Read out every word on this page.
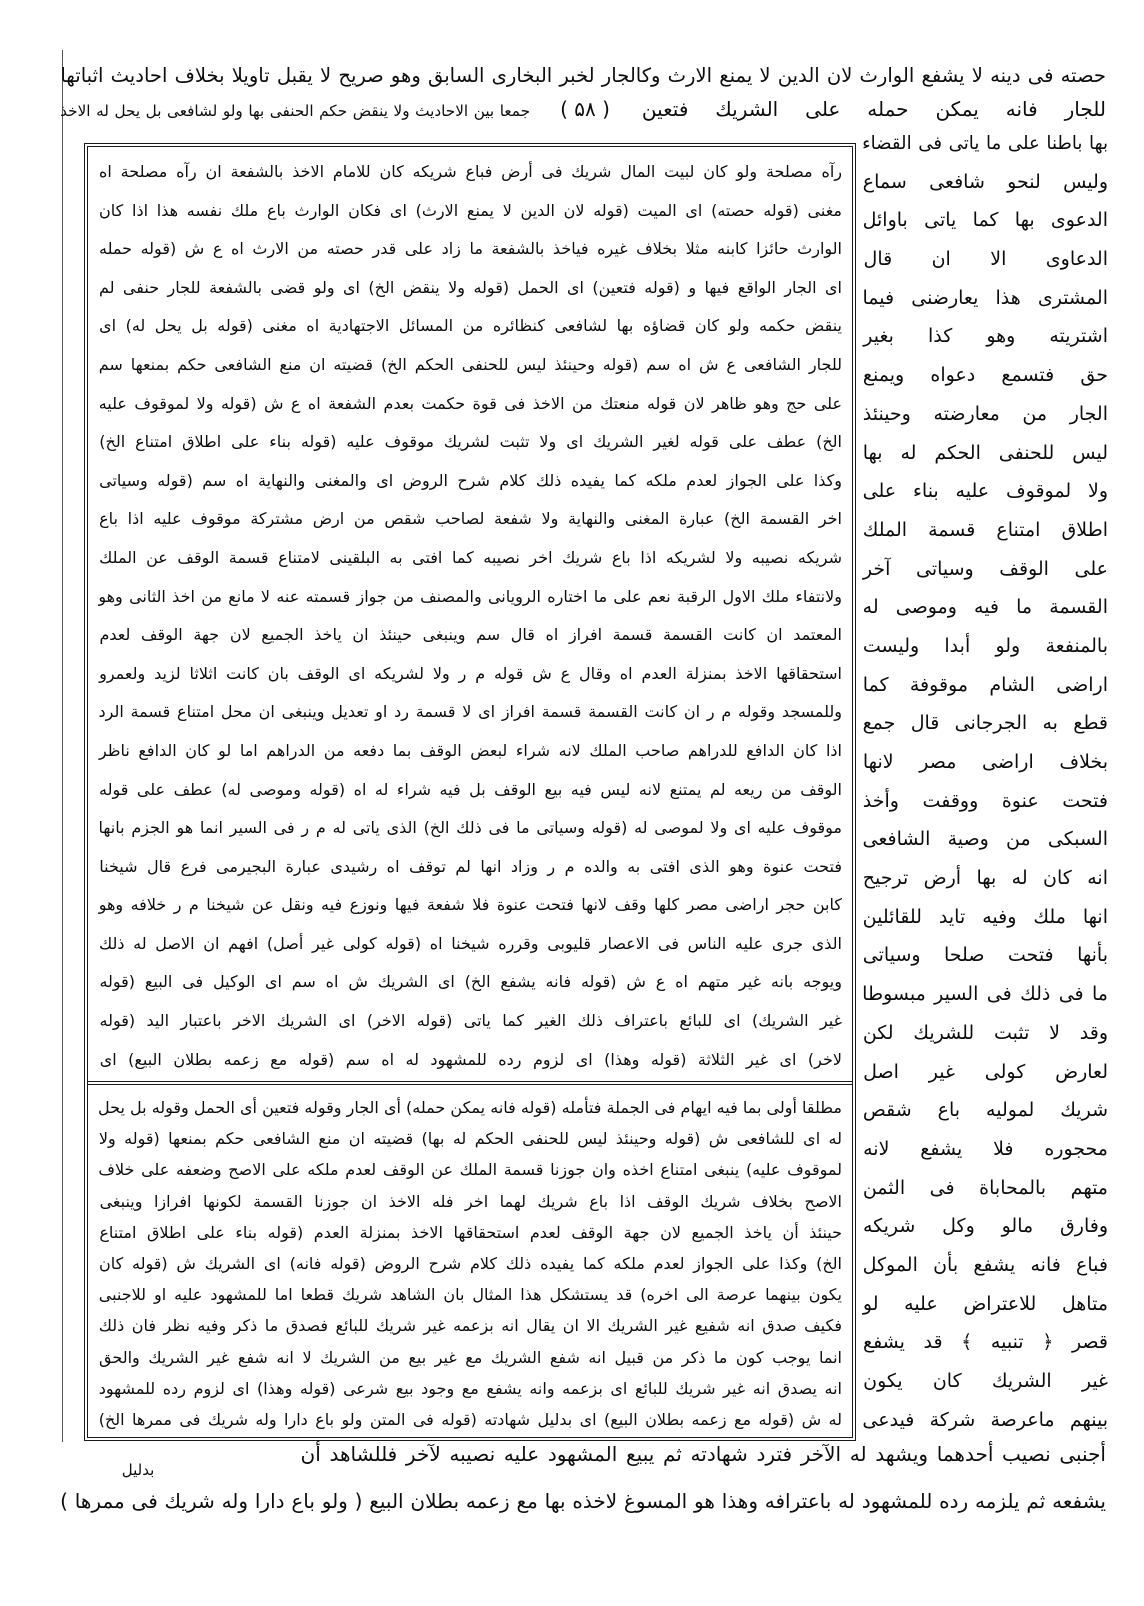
حصته فى دينه لا يشفع الوارث لان الدين لا يمنع الارث وكالجار لخبر البخارى السابق وهو صريح لا يقبل تاويلا بخلاف احاديث اثباتها
للجار فانه يمكن حمله على الشريك فتعين
( ۵۸ )
جمعا بين الاحاديث ولا ينقض حكم الحنفى بها ولو لشافعى بل يحل له الاخذ
بها باطنا على ما ياتى فى القضاء
وليس لنحو شافعى سماع
الدعوى بها كما ياتى باوائل
الدعاوى الا ان قال
المشترى هذا يعارضنى فيما
اشتريته وهو كذا بغير
حق فتسمع دعواه ويمنع
الجار من معارضته وحينئذ
ليس للحنفى الحكم له بها
ولا لموقوف عليه بناء على
اطلاق امتناع قسمة الملك
على الوقف وسياتى آخر
القسمة ما فيه وموصى له
بالمنفعة ولو أبدا وليست
اراضى الشام موقوفة كما
قطع به الجرجانى قال جمع
بخلاف اراضى مصر لانها
فتحت عنوة ووقفت وأخذ
السبكى من وصية الشافعى
انه كان له بها أرض ترجيح
انها ملك وفيه تايد للقائلين
بأنها فتحت صلحا وسياتى
ما فى ذلك فى السير مبسوطا
وقد لا تثبت للشريك لكن
لعارض كولى غير اصل
شريك لموليه باع شقص
محجوره فلا يشفع لانه
متهم بالمحاباة فى الثمن
وفارق مالو وكل شريكه
فباع فانه يشفع بأن الموكل
متاهل للاعتراض عليه لو
قصر ﴿ تنبيه ﴾ قد يشفع
غير الشريك كان يكون
بينهم ماعرصة شركة فيدعى
رآه مصلحة ولو كان لبيت المال شريك فى أرض فباع شريكه كان للامام الاخذ بالشفعة ان رآه مصلحة اه
مغنى (قوله حصته) اى الميت (قوله لان الدين لا يمنع الارث) اى فكان الوارث باع ملك نفسه هذا اذا كان
الوارث حائزا كابنه مثلا بخلاف غيره فياخذ بالشفعة ما زاد على قدر حصته من الارث اه ع ش (قوله حمله
اى الجار الواقع فيها و (قوله فتعين) اى الحمل (قوله ولا ينقض الخ) اى ولو قضى بالشفعة للجار حنفى لم
ينقض حكمه ولو كان قضاؤه بها لشافعى كنظائره من المسائل الاجتهادية اه مغنى (قوله بل يحل له) اى
للجار الشافعى ع ش اه سم (قوله وحينئذ ليس للحنفى الحكم الخ) قضيته ان منع الشافعى حكم بمنعها سم
على حج وهو ظاهر لان قوله منعتك من الاخذ فى قوة حكمت بعدم الشفعة اه ع ش (قوله ولا لموقوف عليه
الخ) عطف على قوله لغير الشريك اى ولا تثبت لشريك موقوف عليه (قوله بناء على اطلاق امتناع الخ)
وكذا على الجواز لعدم ملكه كما يفيده ذلك كلام شرح الروض اى والمغنى والنهاية اه سم (قوله وسياتى
اخر القسمة الخ) عبارة المغنى والنهاية ولا شفعة لصاحب شقص من ارض مشتركة موقوف عليه اذا باع
شريكه نصيبه ولا لشريكه اذا باع شريك اخر نصيبه كما افتى به البلقينى لامتناع قسمة الوقف عن الملك
ولانتفاء ملك الاول الرقبة نعم على ما اختاره الرويانى والمصنف من جواز قسمته عنه لا مانع من اخذ الثانى وهو
المعتمد ان كانت القسمة قسمة افراز اه قال سم وينبغى حينئذ ان ياخذ الجميع لان جهة الوقف لعدم
استحقاقها الاخذ بمنزلة العدم اه وقال ع ش قوله م ر ولا لشريكه اى الوقف بان كانت اثلاثا لزيد ولعمرو
وللمسجد وقوله م ر ان كانت القسمة قسمة افراز اى لا قسمة رد او تعديل وينبغى ان محل امتناع قسمة الرد
اذا كان الدافع للدراهم صاحب الملك لانه شراء لبعض الوقف بما دفعه من الدراهم اما لو كان الدافع ناظر
الوقف من ريعه لم يمتنع لانه ليس فيه بيع الوقف بل فيه شراء له اه (قوله وموصى له) عطف على قوله
موقوف عليه اى ولا لموصى له (قوله وسياتى ما فى ذلك الخ) الذى ياتى له م ر فى السير انما هو الجزم بانها
فتحت عنوة وهو الذى افتى به والده م ر وزاد انها لم توقف اه رشيدى عبارة البجيرمى فرع قال شيخنا
كابن حجر اراضى مصر كلها وقف لانها فتحت عنوة فلا شفعة فيها ونوزع فيه ونقل عن شيخنا م ر خلافه وهو
الذى جرى عليه الناس فى الاعصار قليوبى وقرره شيخنا اه (قوله كولى غير أصل) افهم ان الاصل له ذلك
ويوجه بانه غير متهم اه ع ش (قوله فانه يشفع الخ) اى الشريك ش اه سم اى الوكيل فى البيع (قوله
غير الشريك) اى للبائع باعتراف ذلك الغير كما ياتى (قوله الاخر) اى الشريك الاخر باعتبار اليد (قوله
لاخر) اى غير الثلاثة (قوله وهذا) اى لزوم رده للمشهود له اه سم (قوله مع زعمه بطلان البيع) اى
مطلقا أولى بما فيه ايهام فى الجملة فتأمله (قوله فانه يمكن حمله) أى الجار وقوله فتعين أى الحمل وقوله بل يحل
له اى للشافعى ش (قوله وحينئذ ليس للحنفى الحكم له بها) قضيته ان منع الشافعى حكم بمنعها (قوله ولا
لموقوف عليه) ينبغى امتناع اخذه وان جوزنا قسمة الملك عن الوقف لعدم ملكه على الاصح وضعفه على خلاف
الاصح بخلاف شريك الوقف اذا باع شريك لهما اخر فله الاخذ ان جوزنا القسمة لكونها افرازا وينبغى
حينئذ أن ياخذ الجميع لان جهة الوقف لعدم استحقاقها الاخذ بمنزلة العدم (قوله بناء على اطلاق امتناع
الخ) وكذا على الجواز لعدم ملكه كما يفيده ذلك كلام شرح الروض (قوله فانه) اى الشريك ش (قوله كان
يكون بينهما عرصة الى اخره) قد يستشكل هذا المثال بان الشاهد شريك قطعا اما للمشهود عليه او للاجنبى
فكيف صدق انه شفيع غير الشريك الا ان يقال انه بزعمه غير شريك للبائع فصدق ما ذكر وفيه نظر فان ذلك
انما يوجب كون ما ذكر من قبيل انه شفع الشريك مع غير بيع من الشريك لا انه شفع غير الشريك والحق
انه يصدق انه غير شريك للبائع اى بزعمه وانه يشفع مع وجود بيع شرعى (قوله وهذا) اى لزوم رده للمشهود
له ش (قوله مع زعمه بطلان البيع) اى بدليل شهادته (قوله فى المتن ولو باع دارا وله شريك فى ممرها الخ)
أجنبى نصيب أحدهما ويشهد له الآخر فترد شهادته ثم يبيع المشهود عليه نصيبه لآخر فللشاهد أن
بدليل
يشفعه ثم يلزمه رده للمشهود له باعترافه وهذا هو المسوغ لاخذه بها مع زعمه بطلان البيع ( ولو باع دارا وله شريك فى ممرها )
